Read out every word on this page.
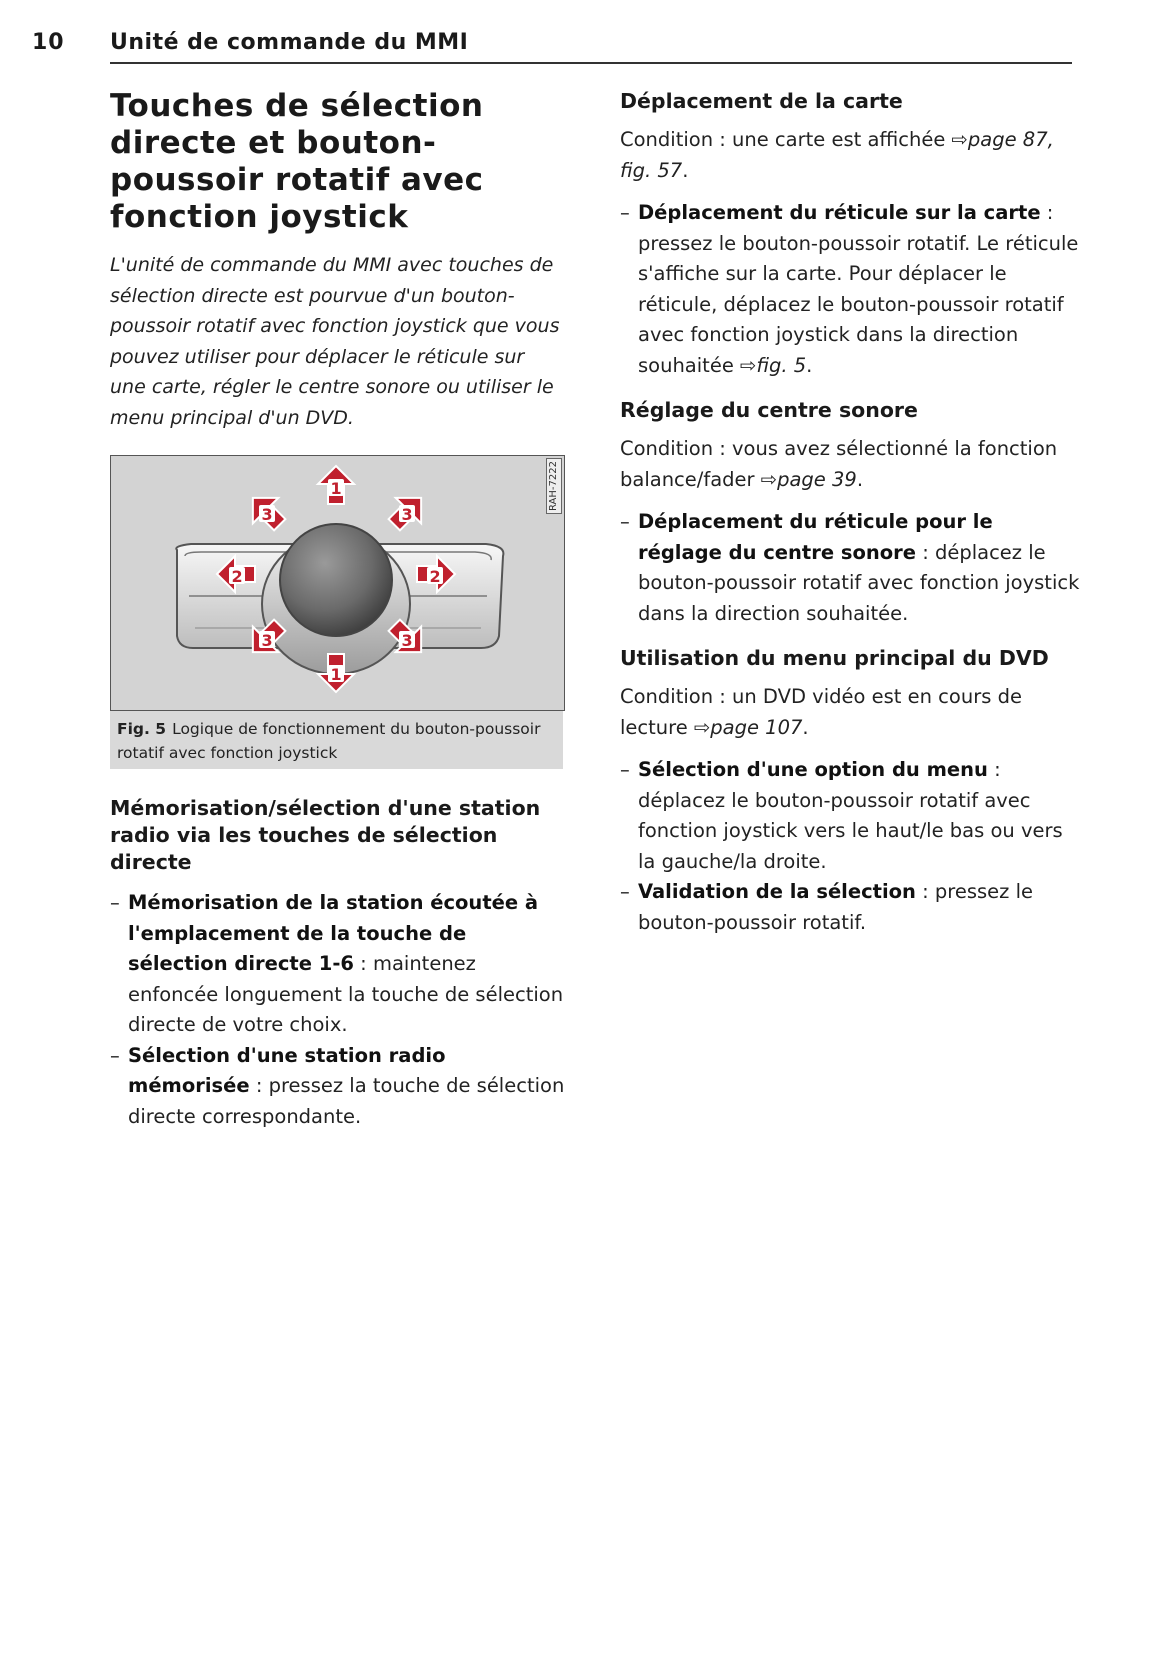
10 Unité de commande du MMI
Touches de sélection directe et bouton-poussoir rotatif avec fonction joystick

L'unité de commande du MMI avec touches de sélection directe est pourvue d'un bouton-poussoir rotatif avec fonction joystick que vous pouvez utiliser pour déplacer le réticule sur une carte, régler le centre sonore ou utiliser le menu principal d'un DVD.

1
1
2	2
3	3
3	3
RAH-7222
Fig. 5 Logique de fonctionnement du bouton-poussoir rotatif avec fonction joystick
Mémorisation/sélection d'une station radio via les touches de sélection directe

– Mémorisation de la station écoutée à l'emplacement de la touche de sélection directe 1-6 : maintenez enfoncée longuement la touche de sélection directe de votre choix.

– Sélection d'une station radio mémorisée : pressez la touche de sélection directe correspondante.

Déplacement de la carte

Condition : une carte est affichée ⇨page 87, fig. 57.

– Déplacement du réticule sur la carte : pressez le bouton-poussoir rotatif. Le réticule s'affiche sur la carte. Pour déplacer le réticule, déplacez le bouton-poussoir rotatif avec fonction joystick dans la direction souhaitée ⇨fig. 5.

Réglage du centre sonore

Condition : vous avez sélectionné la fonction balance/fader ⇨page 39.

– Déplacement du réticule pour le réglage du centre sonore : déplacez le bouton-poussoir rotatif avec fonction joystick dans la direction souhaitée.

Utilisation du menu principal du DVD

Condition : un DVD vidéo est en cours de lecture ⇨page 107.

– Sélection d'une option du menu : déplacez le bouton-poussoir rotatif avec fonction joystick vers le haut/le bas ou vers la gauche/la droite.

– Validation de la sélection : pressez le bouton-poussoir rotatif.
